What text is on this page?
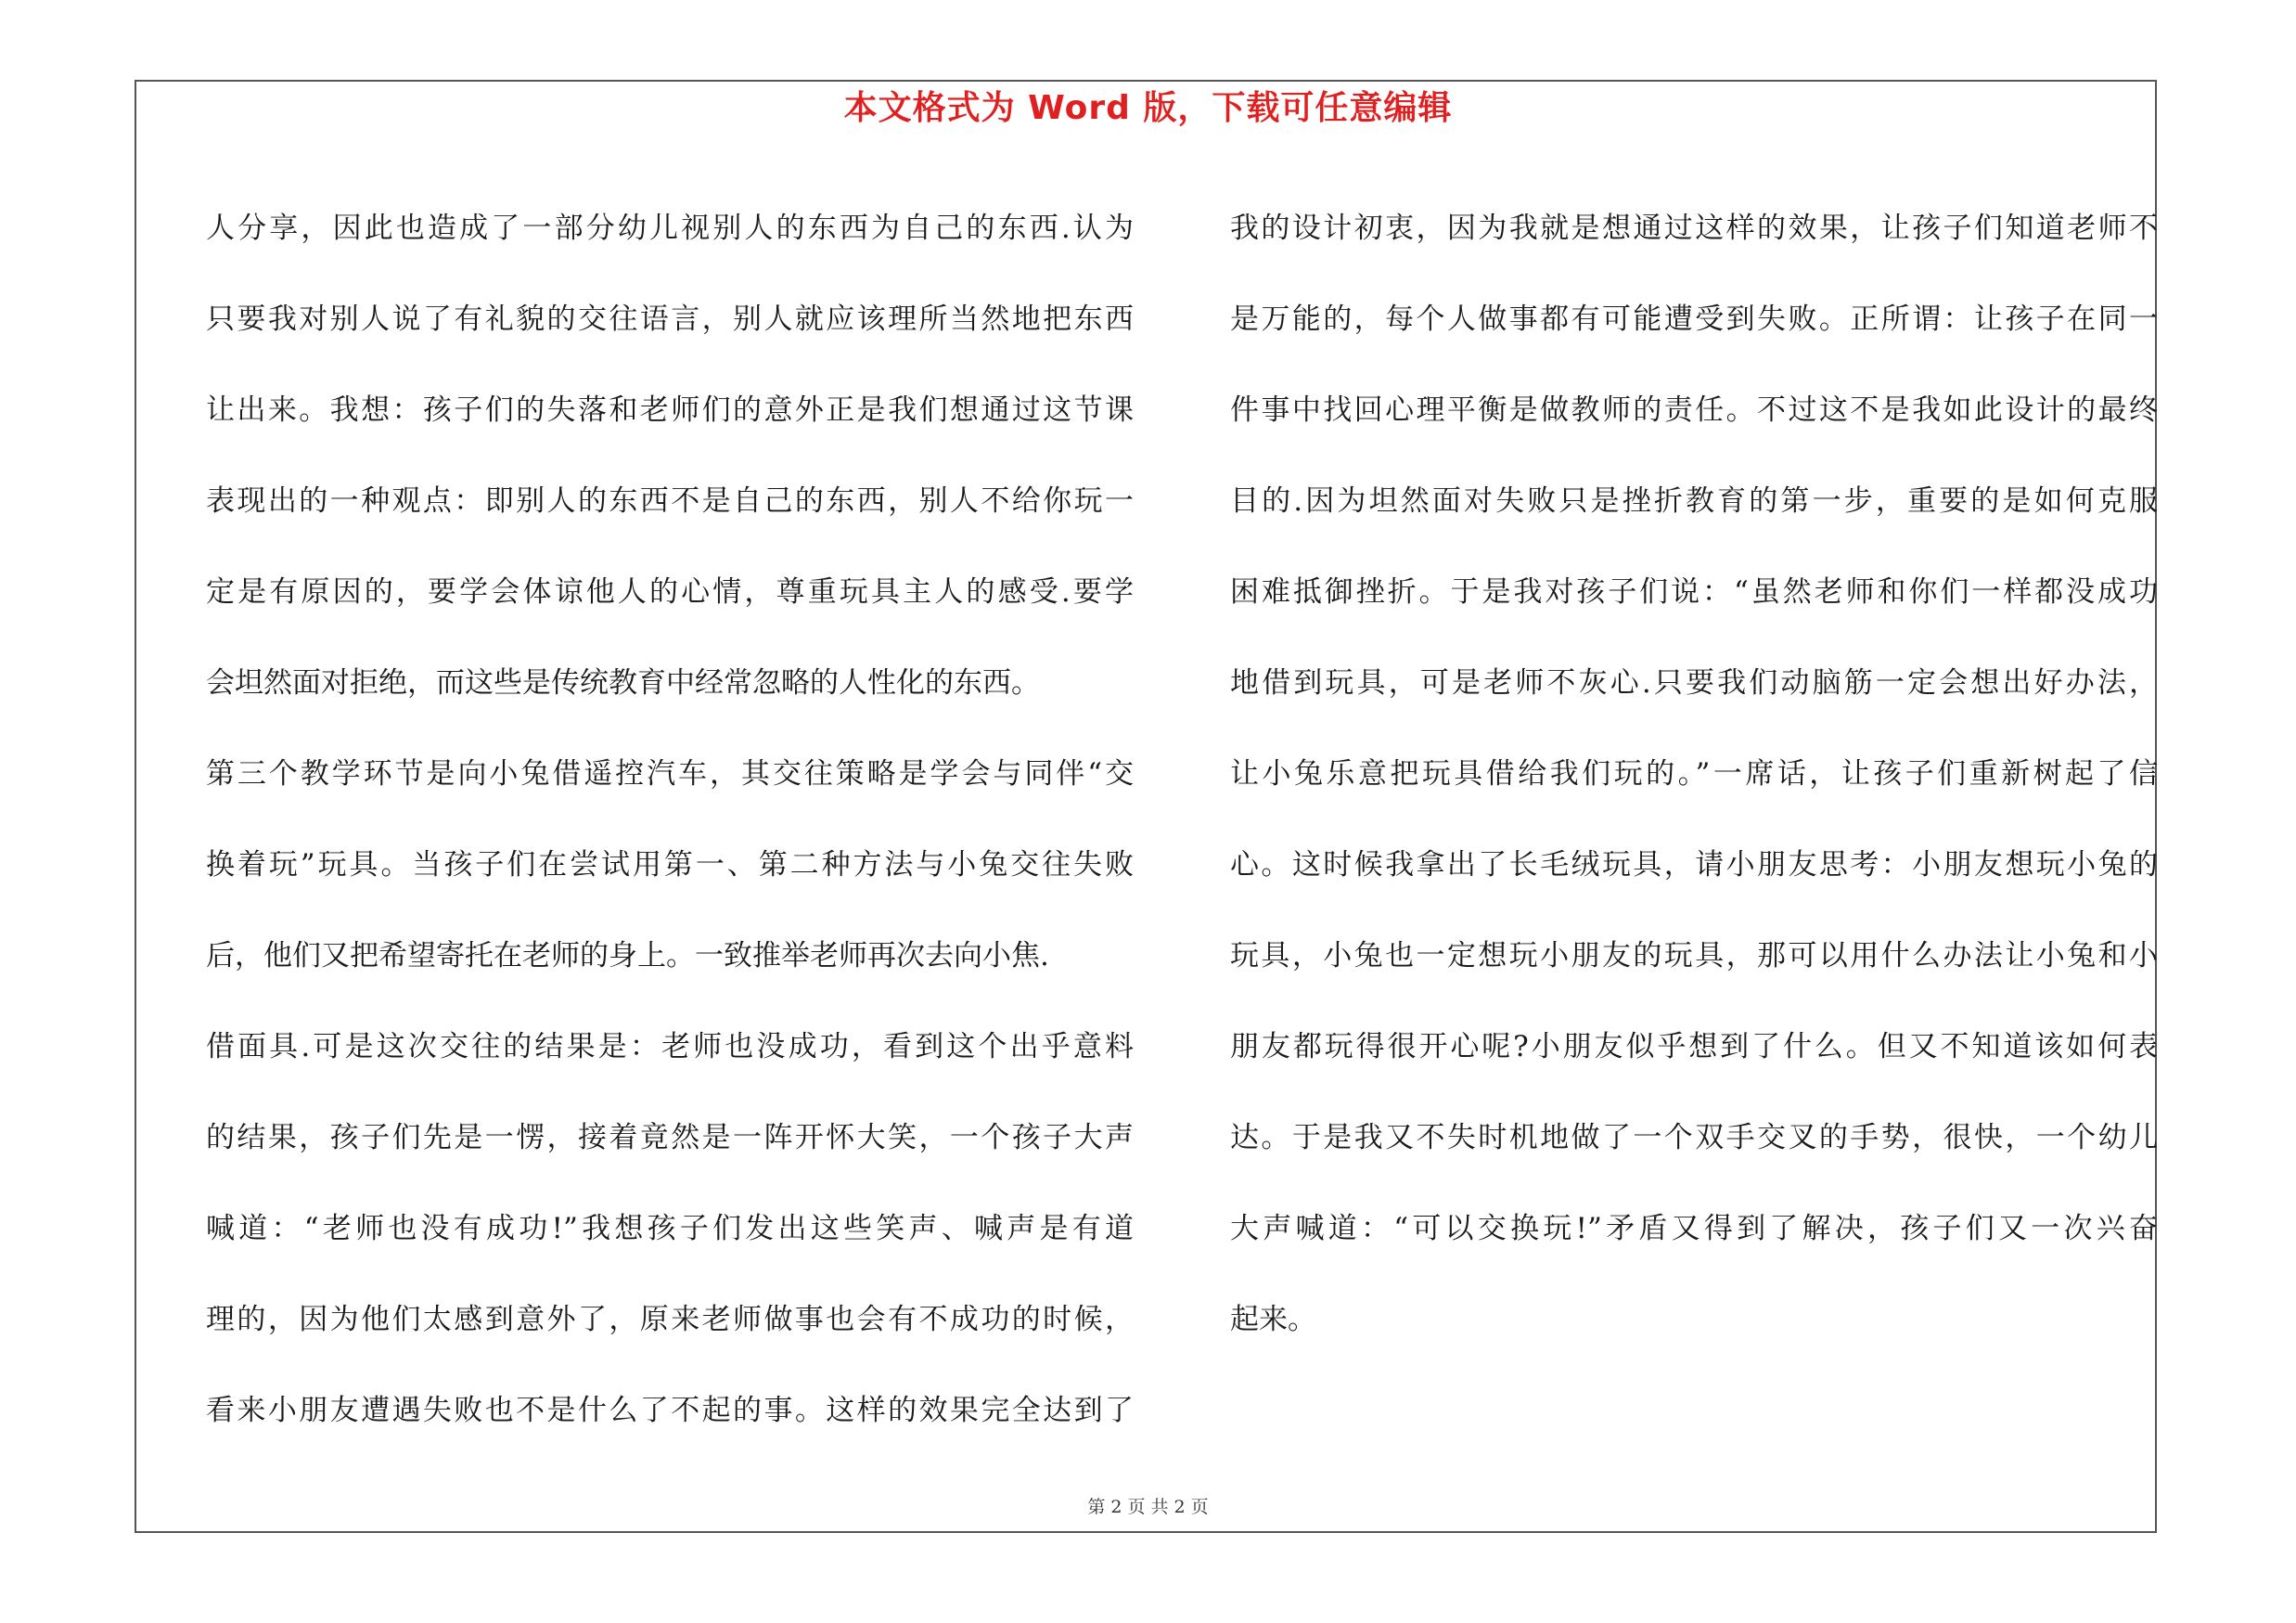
本文格式为 Word 版，下载可任意编辑
人分享，因此也造成了一部分幼儿视别人的东西为自己的东西.认为
只要我对别人说了有礼貌的交往语言，别人就应该理所当然地把东西
让出来。我想：孩子们的失落和老师们的意外正是我们想通过这节课
表现出的一种观点：即别人的东西不是自己的东西，别人不给你玩一
定是有原因的，要学会体谅他人的心情，尊重玩具主人的感受.要学
会坦然面对拒绝，而这些是传统教育中经常忽略的人性化的东西。
第三个教学环节是向小兔借遥控汽车，其交往策略是学会与同伴“交
换着玩”玩具。当孩子们在尝试用第一、第二种方法与小兔交往失败
后，他们又把希望寄托在老师的身上。一致推举老师再次去向小焦.
借面具.可是这次交往的结果是：老师也没成功，看到这个出乎意料
的结果，孩子们先是一愣，接着竟然是一阵开怀大笑，一个孩子大声
喊道：“老师也没有成功!”我想孩子们发出这些笑声、喊声是有道
理的，因为他们太感到意外了，原来老师做事也会有不成功的时候，
看来小朋友遭遇失败也不是什么了不起的事。这样的效果完全达到了
我的设计初衷，因为我就是想通过这样的效果，让孩子们知道老师不
是万能的，每个人做事都有可能遭受到失败。正所谓：让孩子在同一
件事中找回心理平衡是做教师的责任。不过这不是我如此设计的最终
目的.因为坦然面对失败只是挫折教育的第一步，重要的是如何克服
困难抵御挫折。于是我对孩子们说：“虽然老师和你们一样都没成功
地借到玩具，可是老师不灰心.只要我们动脑筋一定会想出好办法，
让小兔乐意把玩具借给我们玩的。”一席话，让孩子们重新树起了信
心。这时候我拿出了长毛绒玩具，请小朋友思考：小朋友想玩小兔的
玩具，小兔也一定想玩小朋友的玩具，那可以用什么办法让小兔和小
朋友都玩得很开心呢?小朋友似乎想到了什么。但又不知道该如何表
达。于是我又不失时机地做了一个双手交叉的手势，很快，一个幼儿
大声喊道：“可以交换玩!”矛盾又得到了解决，孩子们又一次兴奋
起来。
第 2 页 共 2 页
